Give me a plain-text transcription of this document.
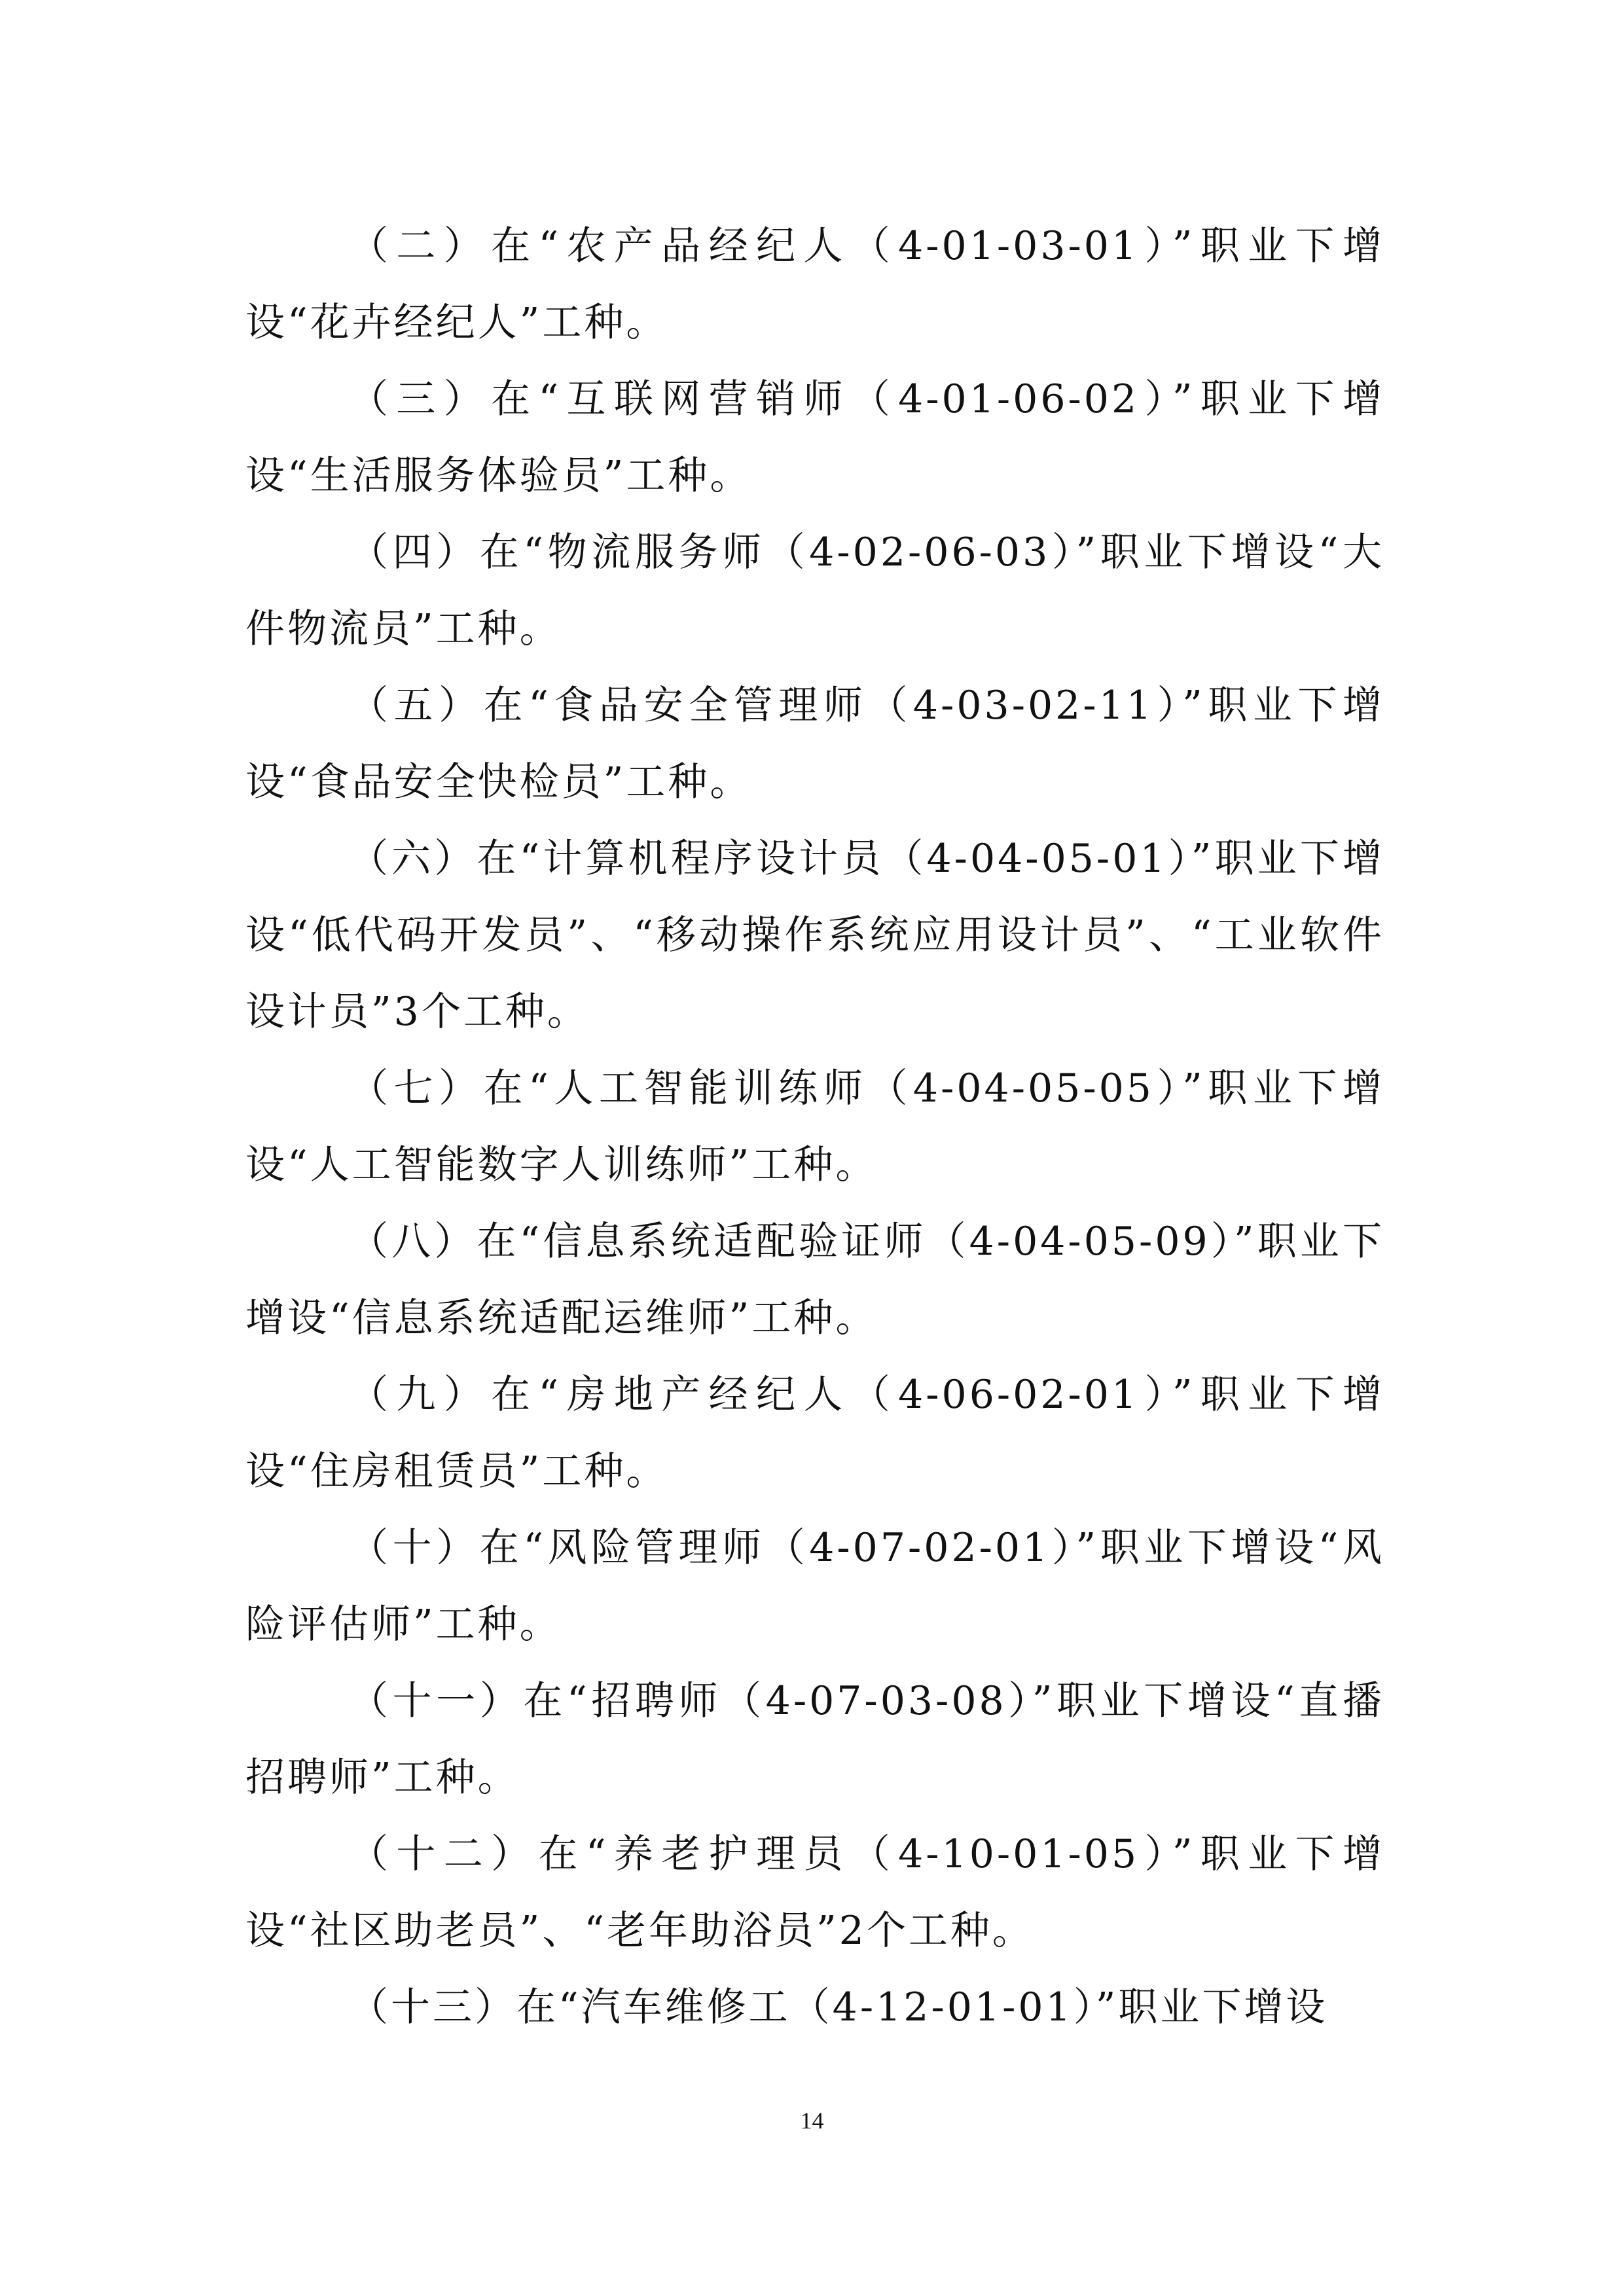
（二）在“农产品经纪人（4-01-03-01）”职业下增设“花卉经纪人”工种。

（三）在“互联网营销师（4-01-06-02）”职业下增设“生活服务体验员”工种。

（四）在“物流服务师（4-02-06-03）”职业下增设“大件物流员”工种。

（五）在“食品安全管理师（4-03-02-11）”职业下增设“食品安全快检员”工种。

（六）在“计算机程序设计员（4-04-05-01）”职业下增设“低代码开发员”、“移动操作系统应用设计员”、“工业软件设计员”3个工种。

（七）在“人工智能训练师（4-04-05-05）”职业下增设“人工智能数字人训练师”工种。

（八）在“信息系统适配验证师（4-04-05-09）”职业下增设“信息系统适配运维师”工种。

（九）在“房地产经纪人（4-06-02-01）”职业下增设“住房租赁员”工种。

（十）在“风险管理师（4-07-02-01）”职业下增设“风险评估师”工种。

（十一）在“招聘师（4-07-03-08）”职业下增设“直播招聘师”工种。

（十二）在“养老护理员（4-10-01-05）”职业下增设“社区助老员”、“老年助浴员”2个工种。

（十三）在“汽车维修工（4-12-01-01）”职业下增设

14
